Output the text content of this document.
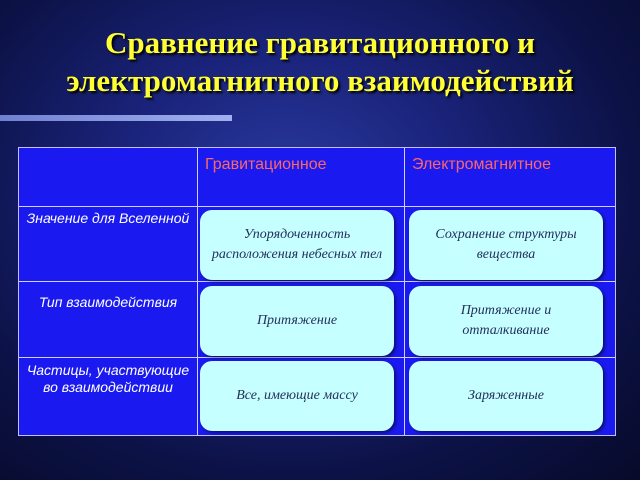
Сравнение гравитационного и
электромагнитного взаимодействий
Гравитационное	Электромагнитное
Значение для Вселенной
Тип взаимодействия
Частицы, участвующие во взаимодействии
Упорядоченность расположения небесных тел
Сохранение структуры вещества
Притяжение
Притяжение и отталкивание
Все, имеющие массу	Заряженные
